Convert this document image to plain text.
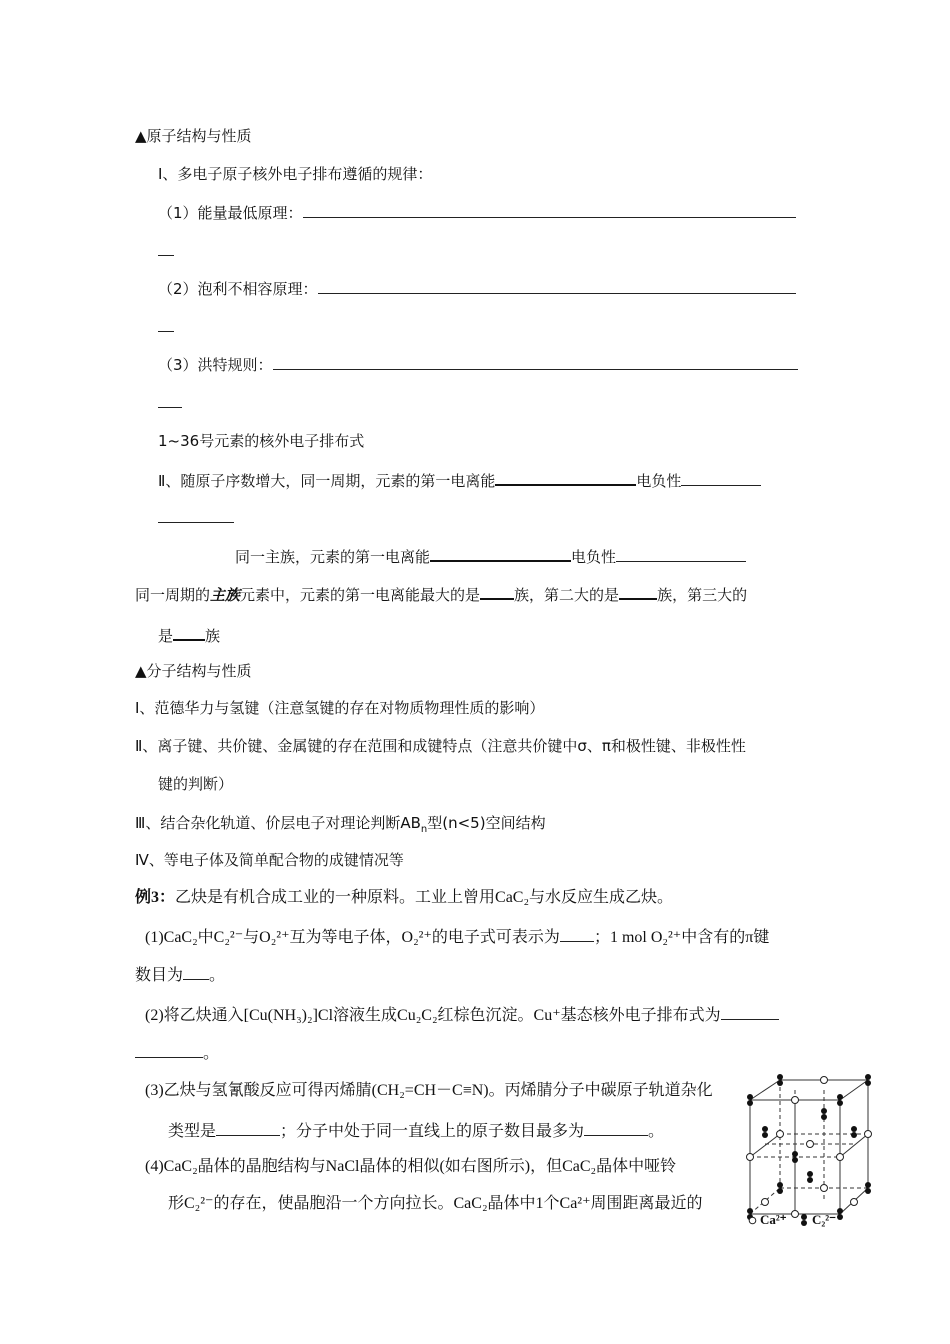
▲原子结构与性质
Ⅰ、多电子原子核外电子排布遵循的规律：
（1）能量最低原理：
（2）泡利不相容原理：
（3）洪特规则：
1~36号元素的核外电子排布式
Ⅱ、随原子序数增大，同一周期，元素的第一电离能	电负性
同一主族，元素的第一电离能	电负性
同一周期的主族元素中，元素的第一电离能最大的是 族，第二大的是	族，第三大的
是 族
▲分子结构与性质
Ⅰ、范德华力与氢键（注意氢键的存在对物质物理性质的影响）
Ⅱ、离子键、共价键、金属键的存在范围和成键特点（注意共价键中σ、π和极性键、非极性性
键的判断）
Ⅲ、结合杂化轨道、价层电子对理论判断$AB_n$型(n<5)空间结构
Ⅳ、等电子体及简单配合物的成键情况等
例3：乙炔是有机合成工业的一种原料。工业上曾用CaC₂与水反应生成乙炔。
(1)CaC₂中C₂²⁻与O₂²⁺互为等电子体，O₂²⁺的电子式可表示为 ；1 mol O₂²⁺中含有的π键
数目为 。
(2)将乙炔通入[Cu(NH₃)₂]Cl溶液生成Cu₂C₂红棕色沉淀。Cu⁺基态核外电子排布式为
。
(3)乙炔与氢氰酸反应可得丙烯腈(CH₂=CH－C≡N)。丙烯腈分子中碳原子轨道杂化
类型是	；分子中处于同一直线上的原子数目最多为	。
(4)CaC₂晶体的晶胞结构与NaCl晶体的相似(如右图所示)，但CaC₂晶体中哑铃
形C₂²⁻的存在，使晶胞沿一个方向拉长。CaC₂晶体中1个Ca²⁺周围距离最近的
Ca²⁺ C₂²⁻
